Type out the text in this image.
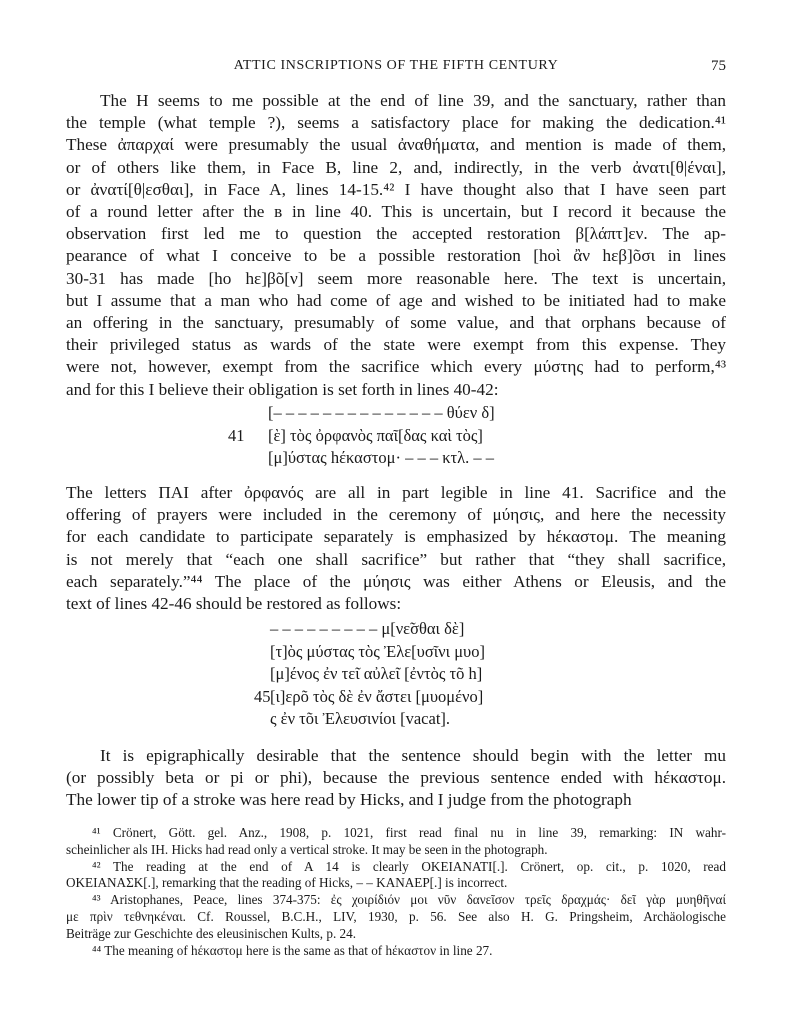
ATTIC INSCRIPTIONS OF THE FIFTH CENTURY	75
The H seems to me possible at the end of line 39, and the sanctuary, rather than
the temple (what temple ?), seems a satisfactory place for making the dedication.⁴¹
These ἀπαρχαί were presumably the usual ἀναθήματα, and mention is made of them,
or of others like them, in Face B, line 2, and, indirectly, in the verb ἀνατι[θ|έναι],
or ἀνατί[θ|εσθαι], in Face A, lines 14-15.⁴² I have thought also that I have seen part
of a round letter after the ʙ in line 40. This is uncertain, but I record it because the
observation first led me to question the accepted restoration β[λάπτ]εν. The ap-
pearance of what I conceive to be a possible restoration [hoὶ ἂν hεβ]õσι in lines
30-31 has made [ho hε]βõ[ν] seem more reasonable here. The text is uncertain,
but I assume that a man who had come of age and wished to be initiated had to make
an offering in the sanctuary, presumably of some value, and that orphans because of
their privileged status as wards of the state were exempt from this expense. They
were not, however, exempt from the sacrifice which every μύστης had to perform,⁴³
and for this I believe their obligation is set forth in lines 40-42:
[– – – – – – – – – – – – – – θύεν δ]
41 [ὲ] τὸς ὀρφανὸς παῖ[δας καὶ τὸς]
[μ]ύστας hέκαστομ· – – – κτλ. – –
The letters ΠΑΙ after ὀρφανός are all in part legible in line 41. Sacrifice and the
offering of prayers were included in the ceremony of μύησις, and here the necessity
for each candidate to participate separately is emphasized by hέκαστομ. The meaning
is not merely that “each one shall sacrifice” but rather that “they shall sacrifice,
each separately.”⁴⁴ The place of the μύησις was either Athens or Eleusis, and the
text of lines 42-46 should be restored as follows:
– – – – – – – – – μ[νε̃σθαι δὲ]
[τ]ὸς μύστας τὸς Ἐλε[υσῖνι μυο]
[μ]ένος ἐν τε̃ι αὐλε̃ι [ἐντὸς τõ h]
45 [ι]ερõ τὸς δὲ ἐν ἄστει [μυομένο]
ς ἐν τõι Ἐλευσινίοι [vacat].
It is epigraphically desirable that the sentence should begin with the letter mu
(or possibly beta or pi or phi), because the previous sentence ended with hέκαστομ.
The lower tip of a stroke was here read by Hicks, and I judge from the photograph
⁴¹ Crönert, Gött. gel. Anz., 1908, p. 1021, first read final nu in line 39, remarking: IN wahr-
scheinlicher als IH. Hicks had read only a vertical stroke. It may be seen in the photograph.
⁴² The reading at the end of A 14 is clearly OKEIANATI[.]. Crönert, op. cit., p. 1020, read
OKEIANAΣK[.], remarking that the reading of Hicks, – – KANAEP[.] is incorrect.
⁴³ Aristophanes, Peace, lines 374-375: ἐς χοιρίδιόν μοι νῦν δανεῖσον τρεῖς δραχμάς· δεῖ γὰρ μυηθῆναί
με πρὶν τεθνηκέναι. Cf. Roussel, B.C.H., LIV, 1930, p. 56. See also H. G. Pringsheim, Archäologische
Beiträge zur Geschichte des eleusinischen Kults, p. 24.
⁴⁴ The meaning of hέκαστομ here is the same as that of hέκαστον in line 27.
